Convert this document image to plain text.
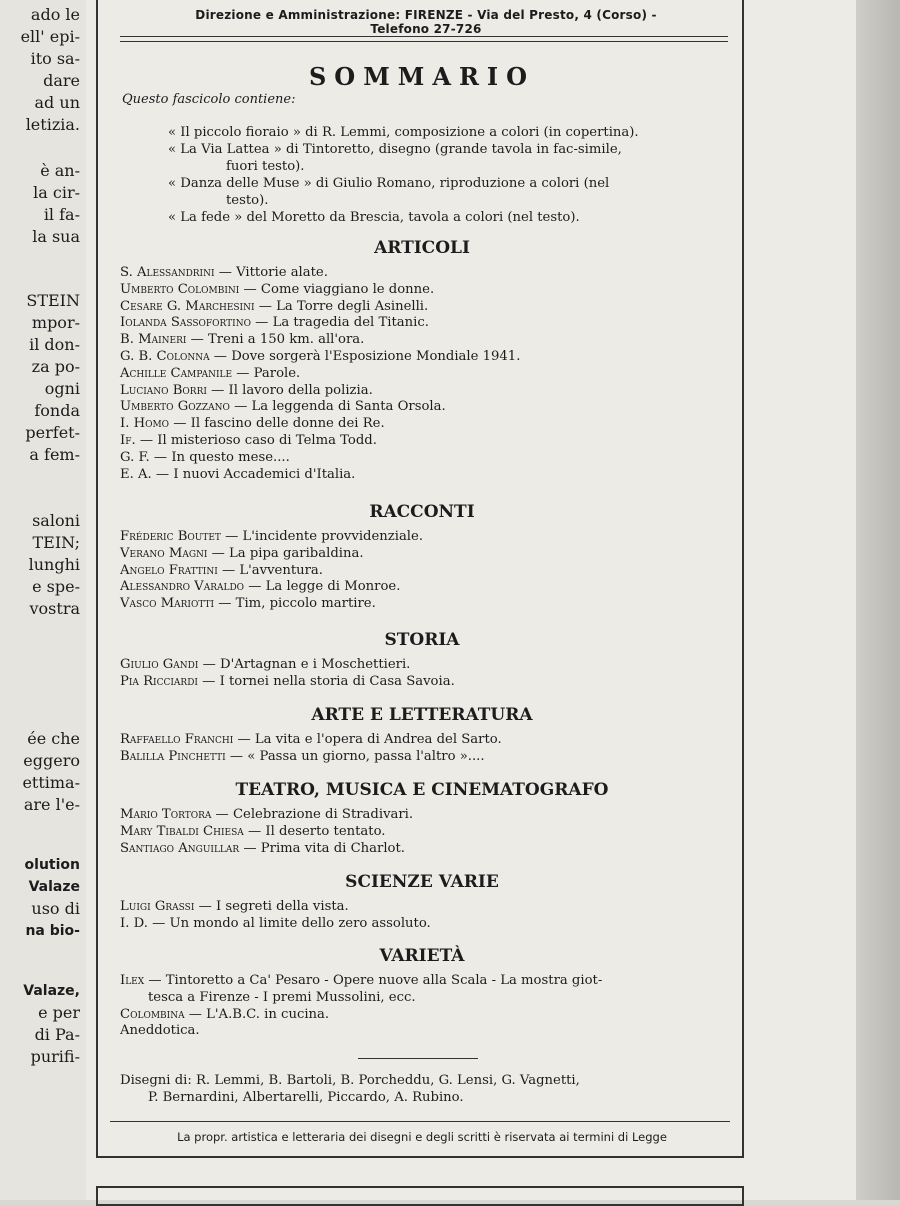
ado le
ell' epi-
ito sa-
dare
ad un
letizia.
è an-
la cir-
il fa-
la sua
STEIN
mpor-
il don-
za po-
ogni
fonda
perfet-
a fem-
saloni
TEIN;
lunghi
e spe-
vostra
ée che
eggero
ettima-
are l'e-
olution
Valaze
uso di
na bio-
Valaze,
e per
di Pa-
purifi-
Direzione e Amministrazione: FIRENZE - Via del Presto, 4 (Corso) - Telefono 27-726
SOMMARIO
Questo fascicolo contiene:

« Il piccolo fioraio » di R. Lemmi, composizione a colori (in copertina).

« La Via Lattea » di Tintoretto, disegno (grande tavola in fac-simile,

fuori testo).

« Danza delle Muse » di Giulio Romano, riproduzione a colori (nel

testo).

« La fede » del Moretto da Brescia, tavola a colori (nel testo).

ARTICOLI
S. Alessandrini — Vittorie alate.
Umberto Colombini — Come viaggiano le donne.
Cesare G. Marchesini — La Torre degli Asinelli.
Iolanda Sassofortino — La tragedia del Titanic.
B. Maineri — Treni a 150 km. all'ora.
G. B. Colonna — Dove sorgerà l'Esposizione Mondiale 1941.
Achille Campanile — Parole.
Luciano Borri — Il lavoro della polizia.
Umberto Gozzano — La leggenda di Santa Orsola.
I. Homo — Il fascino delle donne dei Re.
If. — Il misterioso caso di Telma Todd.
G. F. — In questo mese....
E. A. — I nuovi Accademici d'Italia.
RACCONTI
Fréderic Boutet — L'incidente provvidenziale.
Verano Magni — La pipa garibaldina.
Angelo Frattini — L'avventura.
Alessandro Varaldo — La legge di Monroe.
Vasco Mariotti — Tim, piccolo martire.
STORIA
Giulio Gandi — D'Artagnan e i Moschettieri.
Pia Ricciardi — I tornei nella storia di Casa Savoia.
ARTE E LETTERATURA
Raffaello Franchi — La vita e l'opera di Andrea del Sarto.
Balilla Pinchetti — « Passa un giorno, passa l'altro »....
TEATRO, MUSICA E CINEMATOGRAFO
Mario Tortora — Celebrazione di Stradivari.
Mary Tibaldi Chiesa — Il deserto tentato.
Santiago Anguillar — Prima vita di Charlot.
SCIENZE VARIE
Luigi Grassi — I segreti della vista.
I. D. — Un mondo al limite dello zero assoluto.
VARIETÀ
Ilex — Tintoretto a Ca' Pesaro - Opere nuove alla Scala - La mostra giot-
tesca a Firenze - I premi Mussolini, ecc.
Colombina — L'A.B.C. in cucina.
Aneddotica.
Disegni di: R. Lemmi, B. Bartoli, B. Porcheddu, G. Lensi, G. Vagnetti,
P. Bernardini, Albertarelli, Piccardo, A. Rubino.
La propr. artistica e letteraria dei disegni e degli scritti è riservata ai termini di Legge
